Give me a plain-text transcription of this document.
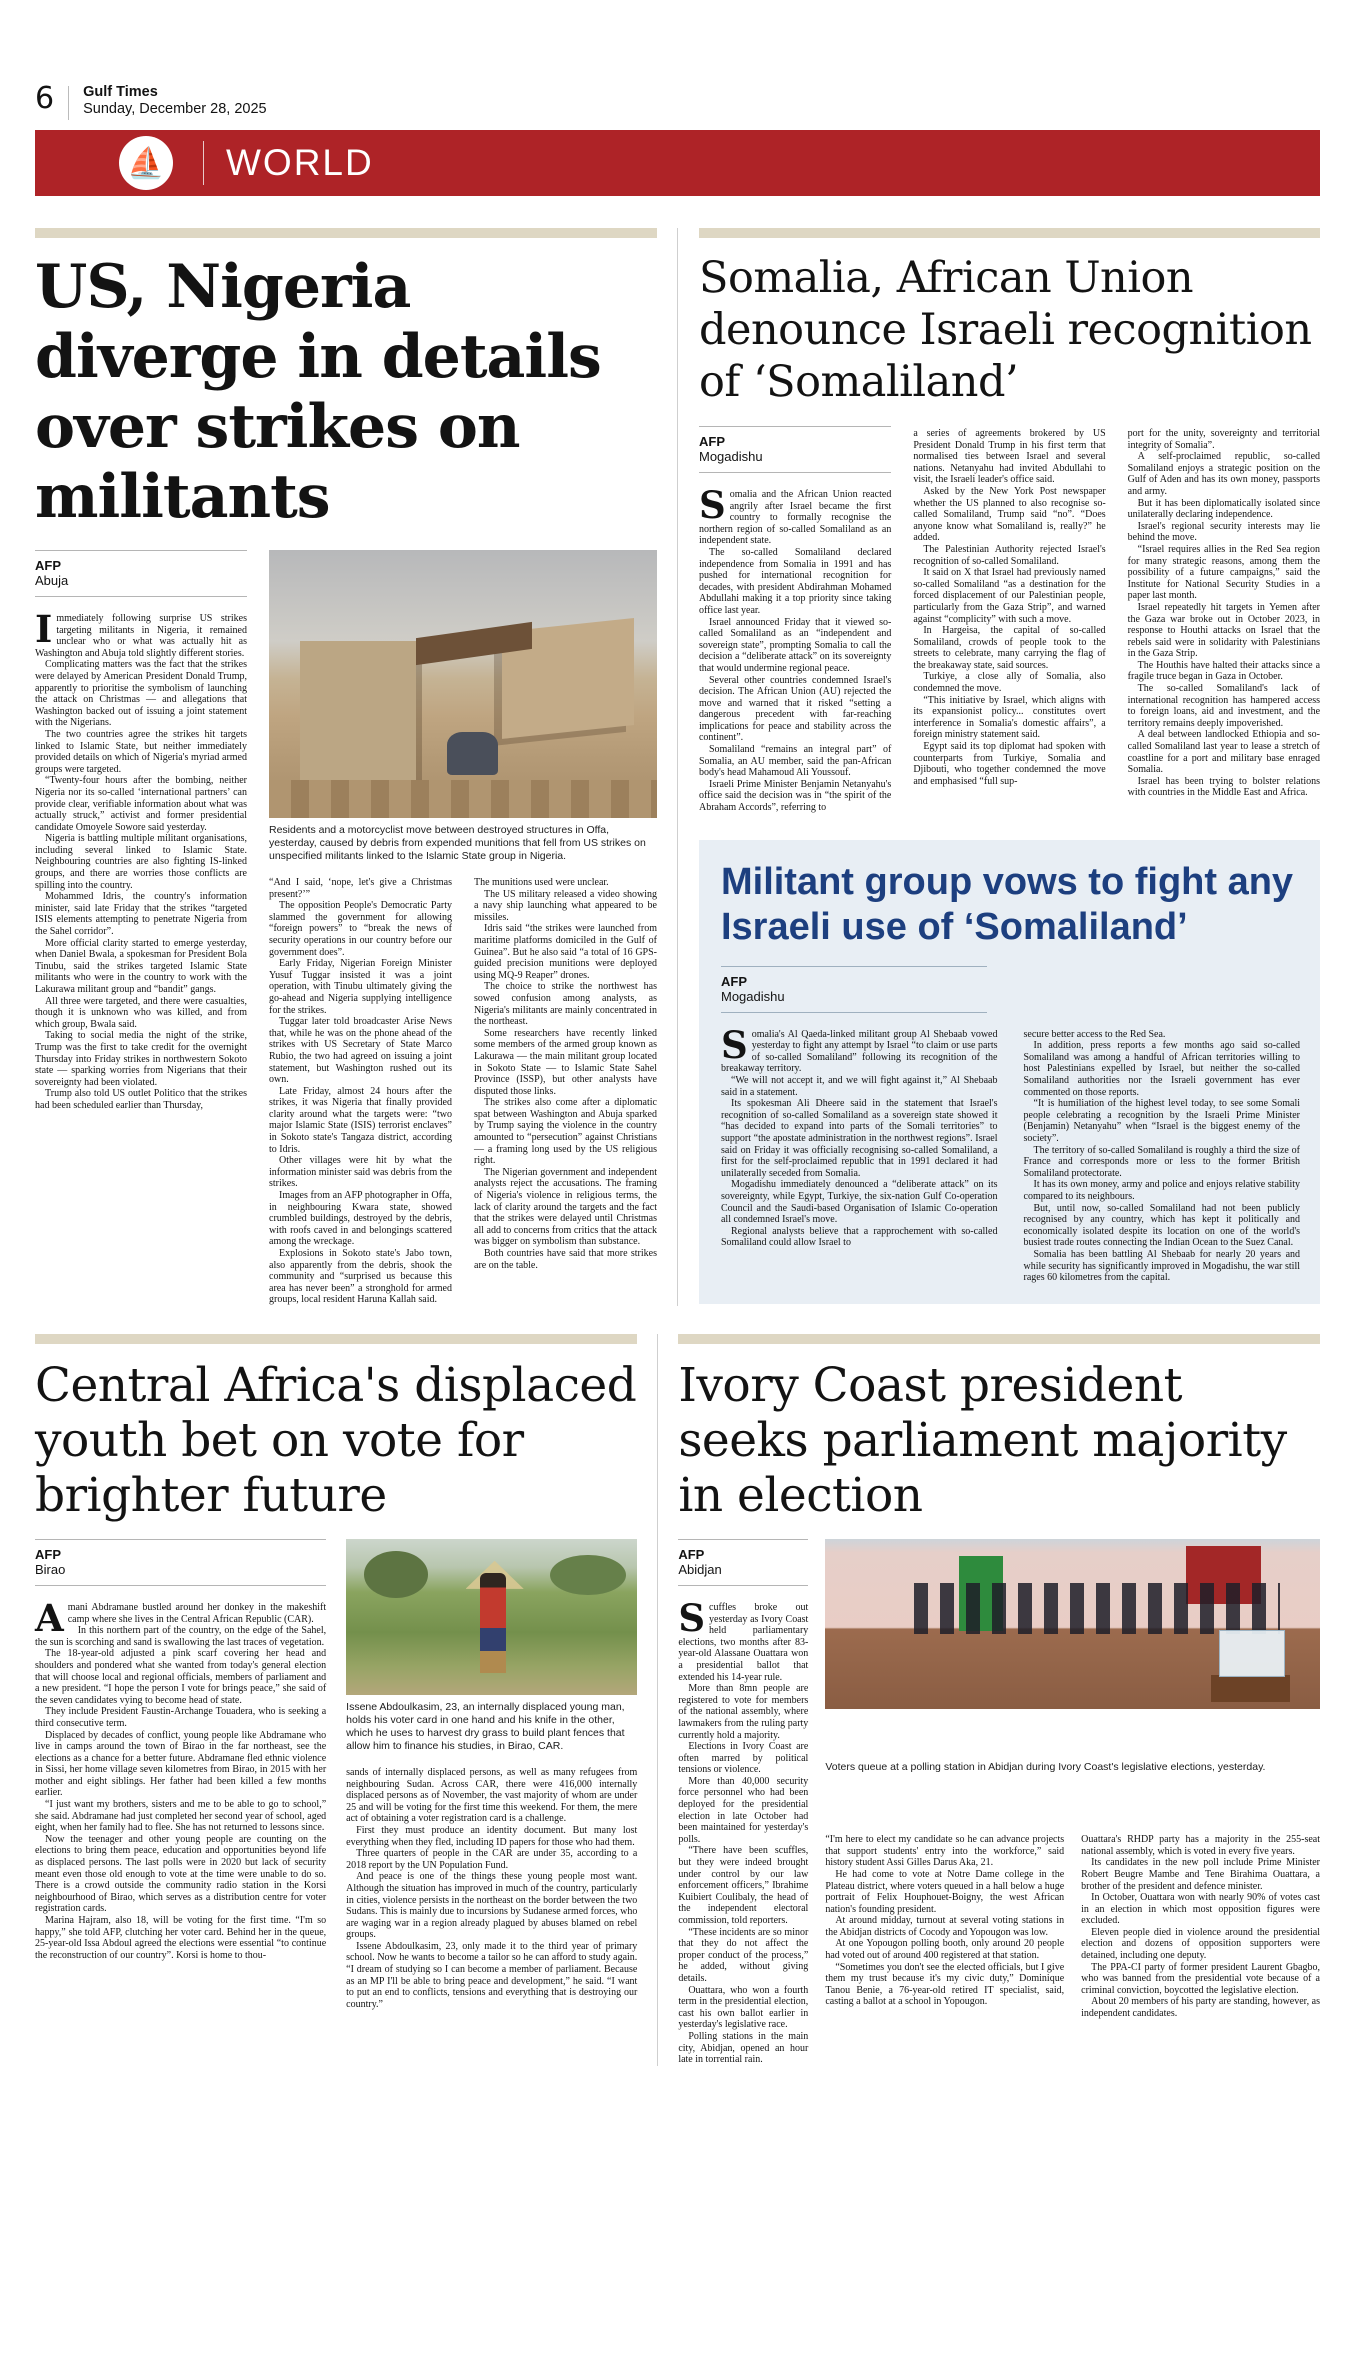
6 Gulf Times
Sunday, December 28, 2025
⛵ WORLD
US, Nigeria diverge in details over strikes on militants
AFP
Abuja

Immediately following surprise US strikes targeting militants in Nigeria, it remained unclear who or what was actually hit as Washington and Abuja told slightly different stories.

Complicating matters was the fact that the strikes were delayed by American President Donald Trump, apparently to prioritise the symbolism of launching the attack on Christmas — and allegations that Washington backed out of issuing a joint statement with the Nigerians.

The two countries agree the strikes hit targets linked to Islamic State, but neither immediately provided details on which of Nigeria's myriad armed groups were targeted.

“Twenty-four hours after the bombing, neither Nigeria nor its so-called ‘international partners’ can provide clear, verifiable information about what was actually struck,” activist and former presidential candidate Omoyele Sowore said yesterday.

Nigeria is battling multiple militant organisations, including several linked to Islamic State. Neighbouring countries are also fighting IS-linked groups, and there are worries those conflicts are spilling into the country.

Mohammed Idris, the country's information minister, said late Friday that the strikes “targeted ISIS elements attempting to penetrate Nigeria from the Sahel corridor”.

More official clarity started to emerge yesterday, when Daniel Bwala, a spokesman for President Bola Tinubu, said the strikes targeted Islamic State militants who were in the country to work with the Lakurawa militant group and “bandit” gangs.

All three were targeted, and there were casualties, though it is unknown who was killed, and from which group, Bwala said.

Taking to social media the night of the strike, Trump was the first to take credit for the overnight Thursday into Friday strikes in northwestern Sokoto state — sparking worries from Nigerians that their sovereignty had been violated.

Trump also told US outlet Politico that the strikes had been scheduled earlier than Thursday,

Residents and a motorcyclist move between destroyed structures in Offa, yesterday, caused by debris from expended munitions that fell from US strikes on unspecified militants linked to the Islamic State group in Nigeria.

“And I said, ‘nope, let's give a Christmas present?’”

The opposition People's Democratic Party slammed the government for allowing “foreign powers” to “break the news of security operations in our country before our government does”.

Early Friday, Nigerian Foreign Minister Yusuf Tuggar insisted it was a joint operation, with Tinubu ultimately giving the go-ahead and Nigeria supplying intelligence for the strikes.

Tuggar later told broadcaster Arise News that, while he was on the phone ahead of the strikes with US Secretary of State Marco Rubio, the two had agreed on issuing a joint statement, but Washington rushed out its own.

Late Friday, almost 24 hours after the strikes, it was Nigeria that finally provided clarity around what the targets were: “two major Islamic State (ISIS) terrorist enclaves” in Sokoto state's Tangaza district, according to Idris.

Other villages were hit by what the information minister said was debris from the strikes.

Images from an AFP photographer in Offa, in neighbouring Kwara state, showed crumbled buildings, destroyed by the debris, with roofs caved in and belongings scattered among the wreckage.

Explosions in Sokoto state's Jabo town, also apparently from the debris, shook the community and “surprised us because this area has never been” a stronghold for armed groups, local resident Haruna Kallah said.

The munitions used were unclear.

The US military released a video showing a navy ship launching what appeared to be missiles.

Idris said “the strikes were launched from maritime platforms domiciled in the Gulf of Guinea”. But he also said “a total of 16 GPS-guided precision munitions were deployed using MQ-9 Reaper” drones.

The choice to strike the northwest has sowed confusion among analysts, as Nigeria's militants are mainly concentrated in the northeast.

Some researchers have recently linked some members of the armed group known as Lakurawa — the main militant group located in Sokoto State — to Islamic State Sahel Province (ISSP), but other analysts have disputed those links.

The strikes also come after a diplomatic spat between Washington and Abuja sparked by Trump saying the violence in the country amounted to “persecution” against Christians — a framing long used by the US religious right.

The Nigerian government and independent analysts reject the accusations. The framing of Nigeria's violence in religious terms, the lack of clarity around the targets and the fact that the strikes were delayed until Christmas all add to concerns from critics that the attack was bigger on symbolism than substance.

Both countries have said that more strikes are on the table.

Somalia, African Union denounce Israeli recognition of ‘Somaliland’
AFP
Mogadishu

Somalia and the African Union reacted angrily after Israel became the first country to formally recognise the northern region of so-called Somaliland as an independent state.

The so-called Somaliland declared independence from Somalia in 1991 and has pushed for international recognition for decades, with president Abdirahman Mohamed Abdullahi making it a top priority since taking office last year.

Israel announced Friday that it viewed so-called Somaliland as an “independent and sovereign state”, prompting Somalia to call the decision a “deliberate attack” on its sovereignty that would undermine regional peace.

Several other countries condemned Israel's decision. The African Union (AU) rejected the move and warned that it risked “setting a dangerous precedent with far-reaching implications for peace and stability across the continent”.

Somaliland “remains an integral part” of Somalia, an AU member, said the pan-African body's head Mahamoud Ali Youssouf.

Israeli Prime Minister Benjamin Netanyahu's office said the decision was in “the spirit of the Abraham Accords”, referring to

a series of agreements brokered by US President Donald Trump in his first term that normalised ties between Israel and several nations. Netanyahu had invited Abdullahi to visit, the Israeli leader's office said.

Asked by the New York Post newspaper whether the US planned to also recognise so-called Somaliland, Trump said “no”. “Does anyone know what Somaliland is, really?” he added.

The Palestinian Authority rejected Israel's recognition of so-called Somaliland.

It said on X that Israel had previously named so-called Somaliland “as a destination for the forced displacement of our Palestinian people, particularly from the Gaza Strip”, and warned against “complicity” with such a move.

In Hargeisa, the capital of so-called Somaliland, crowds of people took to the streets to celebrate, many carrying the flag of the breakaway state, said sources.

Turkiye, a close ally of Somalia, also condemned the move.

“This initiative by Israel, which aligns with its expansionist policy... constitutes overt interference in Somalia's domestic affairs”, a foreign ministry statement said.

Egypt said its top diplomat had spoken with counterparts from Turkiye, Somalia and Djibouti, who together condemned the move and emphasised “full sup-

port for the unity, sovereignty and territorial integrity of Somalia”.

A self-proclaimed republic, so-called Somaliland enjoys a strategic position on the Gulf of Aden and has its own money, passports and army.

But it has been diplomatically isolated since unilaterally declaring independence.

Israel's regional security interests may lie behind the move.

“Israel requires allies in the Red Sea region for many strategic reasons, among them the possibility of a future campaigns,” said the Institute for National Security Studies in a paper last month.

Israel repeatedly hit targets in Yemen after the Gaza war broke out in October 2023, in response to Houthi attacks on Israel that the rebels said were in solidarity with Palestinians in the Gaza Strip.

The Houthis have halted their attacks since a fragile truce began in Gaza in October.

The so-called Somaliland's lack of international recognition has hampered access to foreign loans, aid and investment, and the territory remains deeply impoverished.

A deal between landlocked Ethiopia and so-called Somaliland last year to lease a stretch of coastline for a port and military base enraged Somalia.

Israel has been trying to bolster relations with countries in the Middle East and Africa.

Militant group vows to fight any Israeli use of ‘Somaliland’
AFP
Mogadishu

Somalia's Al Qaeda-linked militant group Al Shebaab vowed yesterday to fight any attempt by Israel “to claim or use parts of so-called Somaliland” following its recognition of the breakaway territory.

“We will not accept it, and we will fight against it,” Al Shebaab said in a statement.

Its spokesman Ali Dheere said in the statement that Israel's recognition of so-called Somaliland as a sovereign state showed it “has decided to expand into parts of the Somali territories” to support “the apostate administration in the northwest regions”. Israel said on Friday it was officially recognising so-called Somaliland, a first for the self-proclaimed republic that in 1991 declared it had unilaterally seceded from Somalia.

Mogadishu immediately denounced a “deliberate attack” on its sovereignty, while Egypt, Turkiye, the six-nation Gulf Co-operation Council and the Saudi-based Organisation of Islamic Co-operation all condemned Israel's move.

Regional analysts believe that a rapprochement with so-called Somaliland could allow Israel to

secure better access to the Red Sea.

In addition, press reports a few months ago said so-called Somaliland was among a handful of African territories willing to host Palestinians expelled by Israel, but neither the so-called Somaliland authorities nor the Israeli government has ever commented on those reports.

“It is humiliation of the highest level today, to see some Somali people celebrating a recognition by the Israeli Prime Minister (Benjamin) Netanyahu” when “Israel is the biggest enemy of the society”.

The territory of so-called Somaliland is roughly a third the size of France and corresponds more or less to the former British Somaliland protectorate.

It has its own money, army and police and enjoys relative stability compared to its neighbours.

But, until now, so-called Somaliland had not been publicly recognised by any country, which has kept it politically and economically isolated despite its location on one of the world's busiest trade routes connecting the Indian Ocean to the Suez Canal.

Somalia has been battling Al Shebaab for nearly 20 years and while security has significantly improved in Mogadishu, the war still rages 60 kilometres from the capital.

Central Africa's displaced youth bet on vote for brighter future
AFP
Birao

Amani Abdramane bustled around her donkey in the makeshift camp where she lives in the Central African Republic (CAR).

In this northern part of the country, on the edge of the Sahel, the sun is scorching and sand is swallowing the last traces of vegetation.

The 18-year-old adjusted a pink scarf covering her head and shoulders and pondered what she wanted from today's general election that will choose local and regional officials, members of parliament and a new president. “I hope the person I vote for brings peace,” she said of the seven candidates vying to become head of state.

They include President Faustin-Archange Touadera, who is seeking a third consecutive term.

Displaced by decades of conflict, young people like Abdramane who live in camps around the town of Birao in the far northeast, see the elections as a chance for a better future. Abdramane fled ethnic violence in Sissi, her home village seven kilometres from Birao, in 2015 with her mother and eight siblings. Her father had been killed a few months earlier.

“I just want my brothers, sisters and me to be able to go to school,” she said. Abdramane had just completed her second year of school, aged eight, when her family had to flee. She has not returned to lessons since.

Now the teenager and other young people are counting on the elections to bring them peace, education and opportunities beyond life as displaced persons. The last polls were in 2020 but lack of security meant even those old enough to vote at the time were unable to do so. There is a crowd outside the community radio station in the Korsi neighbourhood of Birao, which serves as a distribution centre for voter registration cards.

Marina Hajram, also 18, will be voting for the first time. “I'm so happy,” she told AFP, clutching her voter card. Behind her in the queue, 25-year-old Issa Abdoul agreed the elections were essential “to continue the reconstruction of our country”. Korsi is home to thou-

Issene Abdoulkasim, 23, an internally displaced young man, holds his voter card in one hand and his knife in the other, which he uses to harvest dry grass to build plant fences that allow him to finance his studies, in Birao, CAR.

sands of internally displaced persons, as well as many refugees from neighbouring Sudan. Across CAR, there were 416,000 internally displaced persons as of November, the vast majority of whom are under 25 and will be voting for the first time this weekend. For them, the mere act of obtaining a voter registration card is a challenge.

First they must produce an identity document. But many lost everything when they fled, including ID papers for those who had them.

Three quarters of people in the CAR are under 35, according to a 2018 report by the UN Population Fund.

And peace is one of the things these young people most want. Although the situation has improved in much of the country, particularly in cities, violence persists in the northeast on the border between the two Sudans. This is mainly due to incursions by Sudanese armed forces, who are waging war in a region already plagued by abuses blamed on rebel groups.

Issene Abdoulkasim, 23, only made it to the third year of primary school. Now he wants to become a tailor so he can afford to study again. “I dream of studying so I can become a member of parliament. Because as an MP I'll be able to bring peace and development,” he said. “I want to put an end to conflicts, tensions and everything that is destroying our country.”

Ivory Coast president seeks parliament majority in election
AFP
Abidjan

Scuffles broke out yesterday as Ivory Coast held parliamentary elections, two months after 83-year-old Alassane Ouattara won a presidential ballot that extended his 14-year rule.

More than 8mn people are registered to vote for members of the national assembly, where lawmakers from the ruling party currently hold a majority.

Elections in Ivory Coast are often marred by political tensions or violence.

More than 40,000 security force personnel who had been deployed for the presidential election in late October had been maintained for yesterday's polls.

“There have been scuffles, but they were indeed brought under control by our law enforcement officers,” Ibrahime Kuibiert Coulibaly, the head of the independent electoral commission, told reporters.

“These incidents are so minor that they do not affect the proper conduct of the process,” he added, without giving details.

Ouattara, who won a fourth term in the presidential election, cast his own ballot earlier in yesterday's legislative race.

Polling stations in the main city, Abidjan, opened an hour late in torrential rain.

Voters queue at a polling station in Abidjan during Ivory Coast's legislative elections, yesterday.

“I'm here to elect my candidate so he can advance projects that support students' entry into the workforce,” said history student Assi Gilles Darus Aka, 21.

He had come to vote at Notre Dame college in the Plateau district, where voters queued in a hall below a huge portrait of Felix Houphouet-Boigny, the west African nation's founding president.

At around midday, turnout at several voting stations in the Abidjan districts of Cocody and Yopougon was low.

At one Yopougon polling booth, only around 20 people had voted out of around 400 registered at that station.

“Sometimes you don't see the elected officials, but I give them my trust because it's my civic duty,” Dominique Tanou Benie, a 76-year-old retired IT specialist, said, casting a ballot at a school in Yopougon.

Ouattara's RHDP party has a majority in the 255-seat national assembly, which is voted in every five years.

Its candidates in the new poll include Prime Minister Robert Beugre Mambe and Tene Birahima Ouattara, a brother of the president and defence minister.

In October, Ouattara won with nearly 90% of votes cast in an election in which most opposition figures were excluded.

Eleven people died in violence around the presidential election and dozens of opposition supporters were detained, including one deputy.

The PPA-CI party of former president Laurent Gbagbo, who was banned from the presidential vote because of a criminal conviction, boycotted the legislative election.

About 20 members of his party are standing, however, as independent candidates.
